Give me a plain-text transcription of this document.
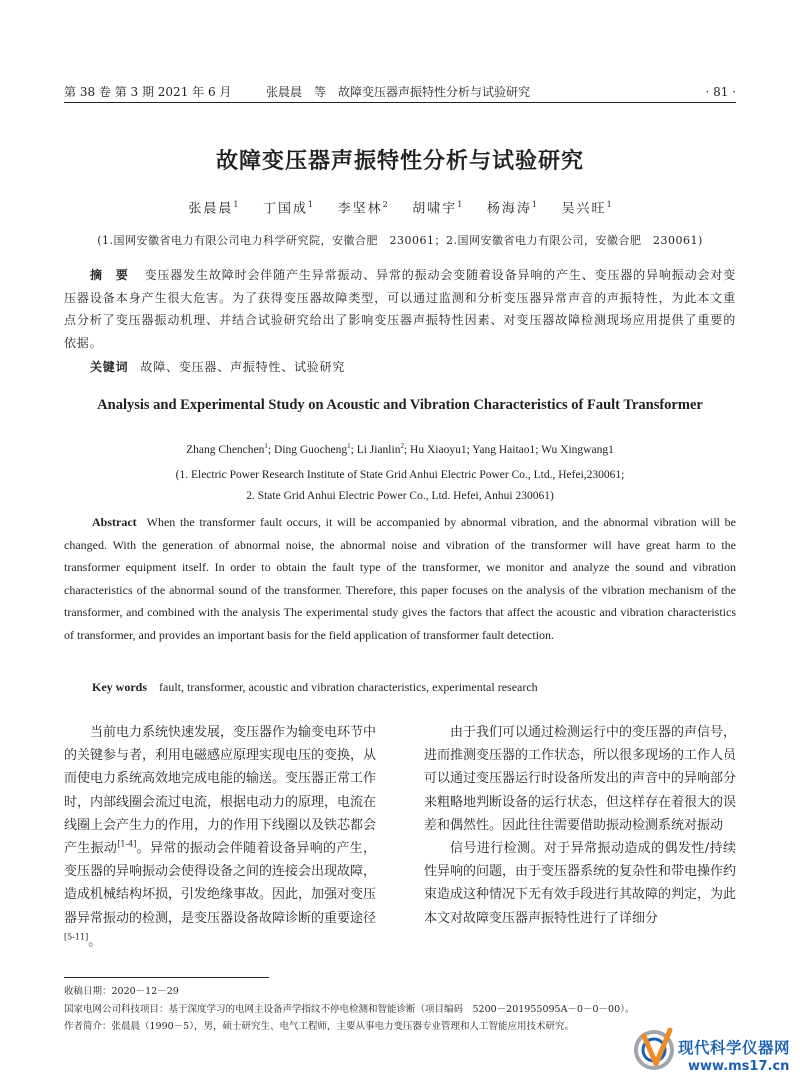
第 38 卷 第 3 期 2021 年 6 月	张晨晨　等　故障变压器声振特性分析与试验研究	· 81 ·
故障变压器声振特性分析与试验研究
张晨晨$^1$ 丁国成$^1$ 李坚林$^2$ 胡啸宇$^1$ 杨海涛$^1$ 吴兴旺$^1$
(1.国网安徽省电力有限公司电力科学研究院，安徽合肥　230061；2.国网安徽省电力有限公司，安徽合肥　230061)
摘　要 变压器发生故障时会伴随产生异常振动、异常的振动会变随着设备异响的产生、变压器的异响振动会对变压器设备本身产生很大危害。为了获得变压器故障类型，可以通过监测和分析变压器异常声音的声振特性，为此本文重点分析了变压器振动机理、并结合试验研究给出了影响变压器声振特性因素、对变压器故障检测现场应用提供了重要的依据。
关键词 故障、变压器、声振特性、试验研究
Analysis and Experimental Study on Acoustic and Vibration Characteristics of Fault Transformer
Zhang Chenchen$^1$; Ding Guocheng$^1$; Li Jianlin$^2$; Hu Xiaoyu1; Yang Haitao1; Wu Xingwang1
(1. Electric Power Research Institute of State Grid Anhui Electric Power Co., Ltd., Hefei,230061;
2. State Grid Anhui Electric Power Co., Ltd. Hefei, Anhui 230061)
Abstract When the transformer fault occurs, it will be accompanied by abnormal vibration, and the abnormal vibration will be changed. With the generation of abnormal noise, the abnormal noise and vibration of the transformer will have great harm to the transformer equipment itself. In order to obtain the fault type of the transformer, we monitor and analyze the sound and vibration characteristics of the abnormal sound of the transformer. Therefore, this paper focuses on the analysis of the vibration mechanism of the transformer, and combined with the analysis The experimental study gives the factors that affect the acoustic and vibration characteristics of transformer, and provides an important basis for the field application of transformer fault detection.
Key words fault, transformer, acoustic and vibration characteristics, experimental research

当前电力系统快速发展，变压器作为输变电环节中的关键参与者，利用电磁感应原理实现电压的变换，从而使电力系统高效地完成电能的输送。变压器正常工作时，内部线圈会流过电流，根据电动力的原理，电流在线圈上会产生力的作用，力的作用下线圈以及铁芯都会产生振动[1-4]。异常的振动会伴随着设备异响的产生，变压器的异响振动会使得设备之间的连接会出现故障，造成机械结构坏损，引发绝缘事故。因此，加强对变压器异常振动的检测，是变压器设备故障诊断的重要途径[5-11]。

由于我们可以通过检测运行中的变压器的声信号，进而推测变压器的工作状态，所以很多现场的工作人员可以通过变压器运行时设备所发出的声音中的异响部分来粗略地判断设备的运行状态，但这样存在着很大的误差和偶然性。因此往往需要借助振动检测系统对振动

信号进行检测。对于异常振动造成的偶发性/持续性异响的问题，由于变压器系统的复杂性和带电操作约束造成这种情况下无有效手段进行其故障的判定，为此本文对故障变压器声振特性进行了详细分

收稿日期：2020－12－29
国家电网公司科技项目：基于深度学习的电网主设备声学指纹不停电检测和智能诊断（项目编码　5200－201955095A－0－0－00）。
作者简介：张晨晨（1990－5），男，硕士研究生、电气工程师，主要从事电力变压器专业管理和人工智能应用技术研究。
现代科学仪器网
www.ms17.cn
